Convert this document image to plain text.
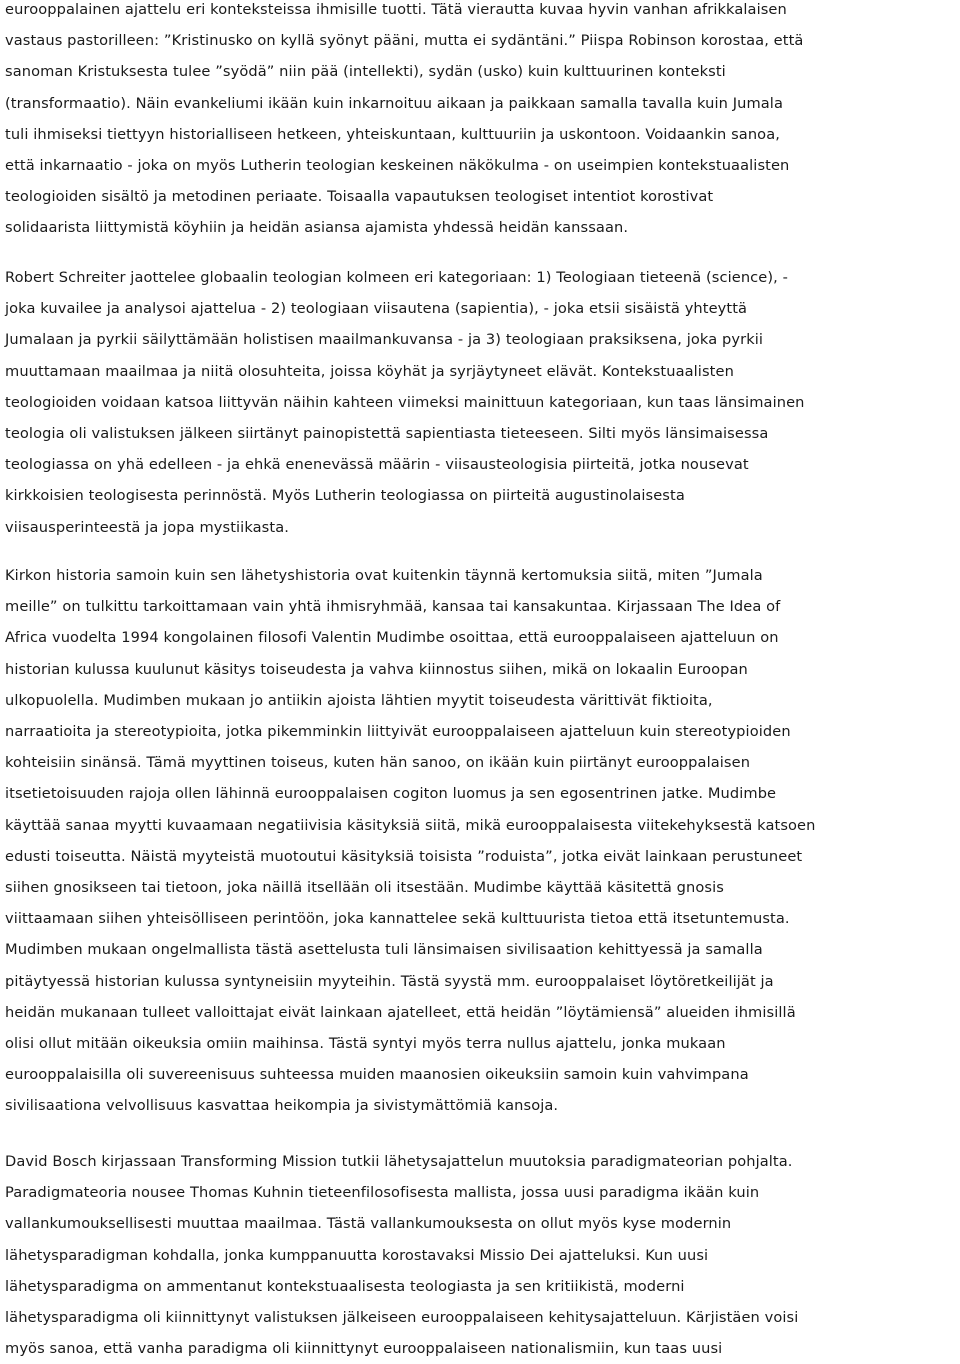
eurooppalainen ajattelu eri konteksteissa ihmisille tuotti. Tätä vierautta kuvaa hyvin vanhan afrikkalaisen
vastaus pastorilleen: ”Kristinusko on kyllä syönyt pääni, mutta ei sydäntäni.” Piispa Robinson korostaa, että
sanoman Kristuksesta tulee ”syödä” niin pää (intellekti), sydän (usko) kuin kulttuurinen konteksti
(transformaatio). Näin evankeliumi ikään kuin inkarnoituu aikaan ja paikkaan samalla tavalla kuin Jumala
tuli ihmiseksi tiettyyn historialliseen hetkeen, yhteiskuntaan, kulttuuriin ja uskontoon. Voidaankin sanoa,
että inkarnaatio - joka on myös Lutherin teologian keskeinen näkökulma - on useimpien kontekstuaalisten
teologioiden sisältö ja metodinen periaate. Toisaalla vapautuksen teologiset intentiot korostivat
solidaarista liittymistä köyhiin ja heidän asiansa ajamista yhdessä heidän kanssaan.

Robert Schreiter jaottelee globaalin teologian kolmeen eri kategoriaan: 1) Teologiaan tieteenä (science), -
joka kuvailee ja analysoi ajattelua - 2) teologiaan viisautena (sapientia), - joka etsii sisäistä yhteyttä
Jumalaan ja pyrkii säilyttämään holistisen maailmankuvansa - ja 3) teologiaan praksiksena, joka pyrkii
muuttamaan maailmaa ja niitä olosuhteita, joissa köyhät ja syrjäytyneet elävät. Kontekstuaalisten
teologioiden voidaan katsoa liittyvän näihin kahteen viimeksi mainittuun kategoriaan, kun taas länsimainen
teologia oli valistuksen jälkeen siirtänyt painopistettä sapientiasta tieteeseen. Silti myös länsimaisessa
teologiassa on yhä edelleen - ja ehkä enenevässä määrin - viisausteologisia piirteitä, jotka nousevat
kirkkoisien teologisesta perinnöstä. Myös Lutherin teologiassa on piirteitä augustinolaisesta
viisausperinteestä ja jopa mystiikasta.

Kirkon historia samoin kuin sen lähetyshistoria ovat kuitenkin täynnä kertomuksia siitä, miten ”Jumala
meille” on tulkittu tarkoittamaan vain yhtä ihmisryhmää, kansaa tai kansakuntaa. Kirjassaan The Idea of
Africa vuodelta 1994 kongolainen filosofi Valentin Mudimbe osoittaa, että eurooppalaiseen ajatteluun on
historian kulussa kuulunut käsitys toiseudesta ja vahva kiinnostus siihen, mikä on lokaalin Euroopan
ulkopuolella. Mudimben mukaan jo antiikin ajoista lähtien myytit toiseudesta värittivät fiktioita,
narraatioita ja stereotypioita, jotka pikemminkin liittyivät eurooppalaiseen ajatteluun kuin stereotypioiden
kohteisiin sinänsä. Tämä myyttinen toiseus, kuten hän sanoo, on ikään kuin piirtänyt eurooppalaisen
itsetietoisuuden rajoja ollen lähinnä eurooppalaisen cogiton luomus ja sen egosentrinen jatke. Mudimbe
käyttää sanaa myytti kuvaamaan negatiivisia käsityksiä siitä, mikä eurooppalaisesta viitekehyksestä katsoen
edusti toiseutta. Näistä myyteistä muotoutui käsityksiä toisista ”roduista”, jotka eivät lainkaan perustuneet
siihen gnosikseen tai tietoon, joka näillä itsellään oli itsestään. Mudimbe käyttää käsitettä gnosis
viittaamaan siihen yhteisölliseen perintöön, joka kannattelee sekä kulttuurista tietoa että itsetuntemusta.
Mudimben mukaan ongelmallista tästä asettelusta tuli länsimaisen sivilisaation kehittyessä ja samalla
pitäytyessä historian kulussa syntyneisiin myyteihin. Tästä syystä mm. eurooppalaiset löytöretkeilijät ja
heidän mukanaan tulleet valloittajat eivät lainkaan ajatelleet, että heidän ”löytämiensä” alueiden ihmisillä
olisi ollut mitään oikeuksia omiin maihinsa. Tästä syntyi myös terra nullus ajattelu, jonka mukaan
eurooppalaisilla oli suvereenisuus suhteessa muiden maanosien oikeuksiin samoin kuin vahvimpana
sivilisaationa velvollisuus kasvattaa heikompia ja sivistymättömiä kansoja.

David Bosch kirjassaan Transforming Mission tutkii lähetysajattelun muutoksia paradigmateorian pohjalta.
Paradigmateoria nousee Thomas Kuhnin tieteenfilosofisesta mallista, jossa uusi paradigma ikään kuin
vallankumouksellisesti muuttaa maailmaa. Tästä vallankumouksesta on ollut myös kyse modernin
lähetysparadigman kohdalla, jonka kumppanuutta korostavaksi Missio Dei ajatteluksi. Kun uusi
lähetysparadigma on ammentanut kontekstuaalisesta teologiasta ja sen kritiikistä, moderni
lähetysparadigma oli kiinnittynyt valistuksen jälkeiseen eurooppalaiseen kehitysajatteluun. Kärjistäen voisi
myös sanoa, että vanha paradigma oli kiinnittynyt eurooppalaiseen nationalismiin, kun taas uusi
